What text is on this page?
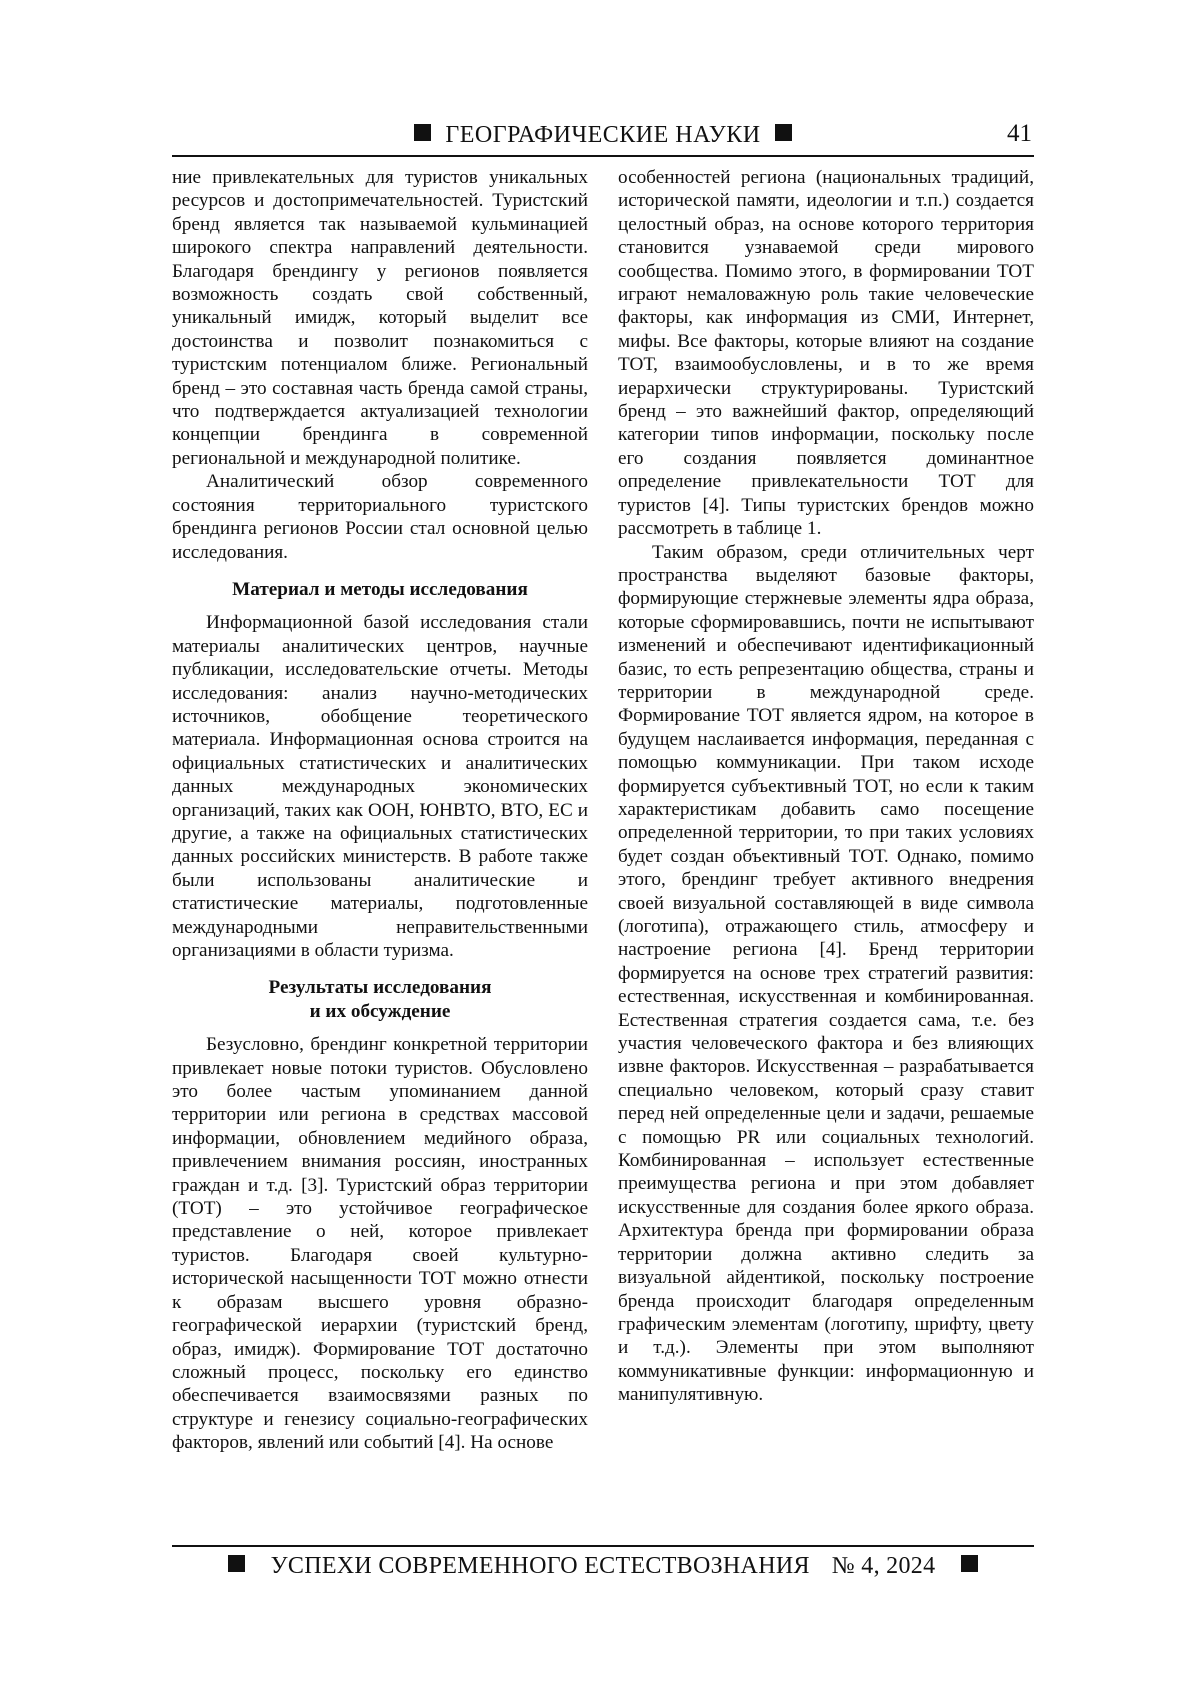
ГЕОГРАФИЧЕСКИЕ НАУКИ	41

ние привлекательных для туристов уникальных ресурсов и достопримечательностей. Туристский бренд является так называемой кульминацией широкого спектра направлений деятельности. Благодаря брендингу у регионов появляется возможность создать свой собственный, уникальный имидж, который выделит все достоинства и позволит познакомиться с туристским потенциалом ближе. Региональный бренд – это составная часть бренда самой страны, что подтверждается актуализацией технологии концепции брендинга в современной региональной и международной политике.

Аналитический обзор современного состояния территориального туристского брендинга регионов России стал основной целью исследования.

Материал и методы исследования

Информационной базой исследования стали материалы аналитических центров, научные публикации, исследовательские отчеты. Методы исследования: анализ научно-методических источников, обобщение теоретического материала. Информационная основа строится на официальных статистических и аналитических данных международных экономических организаций, таких как ООН, ЮНВТО, ВТО, ЕС и другие, а также на официальных статистических данных российских министерств. В работе также были использованы аналитические и статистические материалы, подготовленные международными неправительственными организациями в области туризма.

Результаты исследования
и их обсуждение

Безусловно, брендинг конкретной территории привлекает новые потоки туристов. Обусловлено это более частым упоминанием данной территории или региона в средствах массовой информации, обновлением медийного образа, привлечением внимания россиян, иностранных граждан и т.д. [3]. Туристский образ территории (ТОТ) – это устойчивое географическое представление о ней, которое привлекает туристов. Благодаря своей культурно-исторической насыщенности ТОТ можно отнести к образам высшего уровня образно-географической иерархии (туристский бренд, образ, имидж). Формирование ТОТ достаточно сложный процесс, поскольку его единство обеспечивается взаимосвязями разных по структуре и генезису социально-географических факторов, явлений или событий [4]. На основе

особенностей региона (национальных традиций, исторической памяти, идеологии и т.п.) создается целостный образ, на основе которого территория становится узнаваемой среди мирового сообщества. Помимо этого, в формировании ТОТ играют немаловажную роль такие человеческие факторы, как информация из СМИ, Интернет, мифы. Все факторы, которые влияют на создание ТОТ, взаимообусловлены, и в то же время иерархически структурированы. Туристский бренд – это важнейший фактор, определяющий категории типов информации, поскольку после его создания появляется доминантное определение привлекательности ТОТ для туристов [4]. Типы туристских брендов можно рассмотреть в таблице 1.

Таким образом, среди отличительных черт пространства выделяют базовые факторы, формирующие стержневые элементы ядра образа, которые сформировавшись, почти не испытывают изменений и обеспечивают идентификационный базис, то есть репрезентацию общества, страны и территории в международной среде. Формирование ТОТ является ядром, на которое в будущем наслаивается информация, переданная с помощью коммуникации. При таком исходе формируется субъективный ТОТ, но если к таким характеристикам добавить само посещение определенной территории, то при таких условиях будет создан объективный ТОТ. Однако, помимо этого, брендинг требует активного внедрения своей визуальной составляющей в виде символа (логотипа), отражающего стиль, атмосферу и настроение региона [4]. Бренд территории формируется на основе трех стратегий развития: естественная, искусственная и комбинированная. Естественная стратегия создается сама, т.е. без участия человеческого фактора и без влияющих извне факторов. Искусственная – разрабатывается специально человеком, который сразу ставит перед ней определенные цели и задачи, решаемые с помощью PR или социальных технологий. Комбинированная – использует естественные преимущества региона и при этом добавляет искусственные для создания более яркого образа. Архитектура бренда при формировании образа территории должна активно следить за визуальной айдентикой, поскольку построение бренда происходит благодаря определенным графическим элементам (логотипу, шрифту, цвету и т.д.). Элементы при этом выполняют коммуникативные функции: информационную и манипулятивную.

УСПЕХИ СОВРЕМЕННОГО ЕСТЕСТВОЗНАНИЯ № 4, 2024
